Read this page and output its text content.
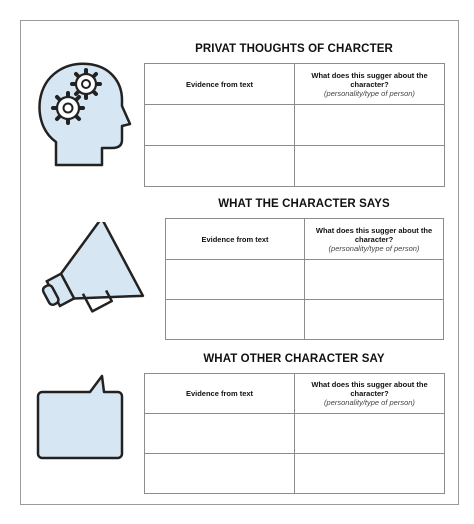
PRIVAT THOUGHTS OF CHARCTER
Evidence from text	What does this sugger about the character?
(personality/type of person)

WHAT THE CHARACTER SAYS
Evidence from text	What does this sugger about the character?
(personality/type of person)

WHAT OTHER CHARACTER SAY
Evidence from text	What does this sugger about the character?
(personality/type of person)
